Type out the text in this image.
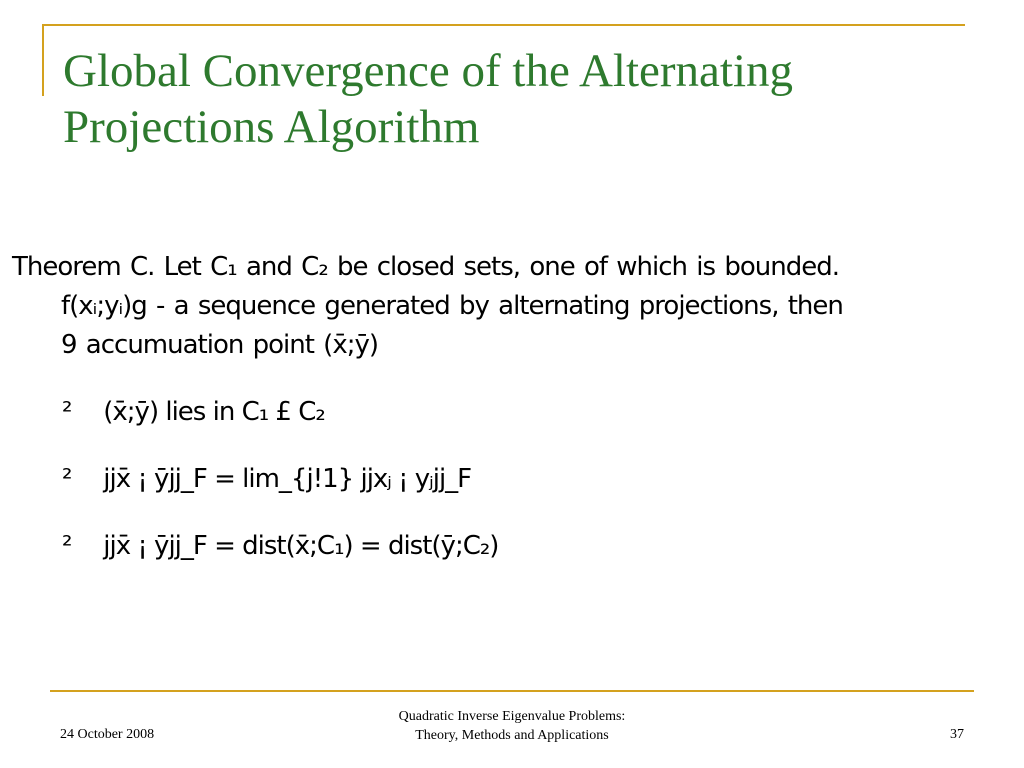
Global Convergence of the Alternating Projections Algorithm
Theorem C. Let C₁ and C₂ be closed sets, one of which is bounded.
f(xᵢ;yᵢ)g - a sequence generated by alternating projections, then
9 accumuation point (x̄;ȳ)
² (x̄;ȳ) lies in C₁ £ C₂
² jjx̄ ¡ ȳjj_F = lim_{j!1} jjxⱼ ¡ yⱼjj_F
² jjx̄ ¡ ȳjj_F = dist(x̄;C₁) = dist(ȳ;C₂)
24 October 2008
Quadratic Inverse Eigenvalue Problems:
Theory, Methods and Applications	37
